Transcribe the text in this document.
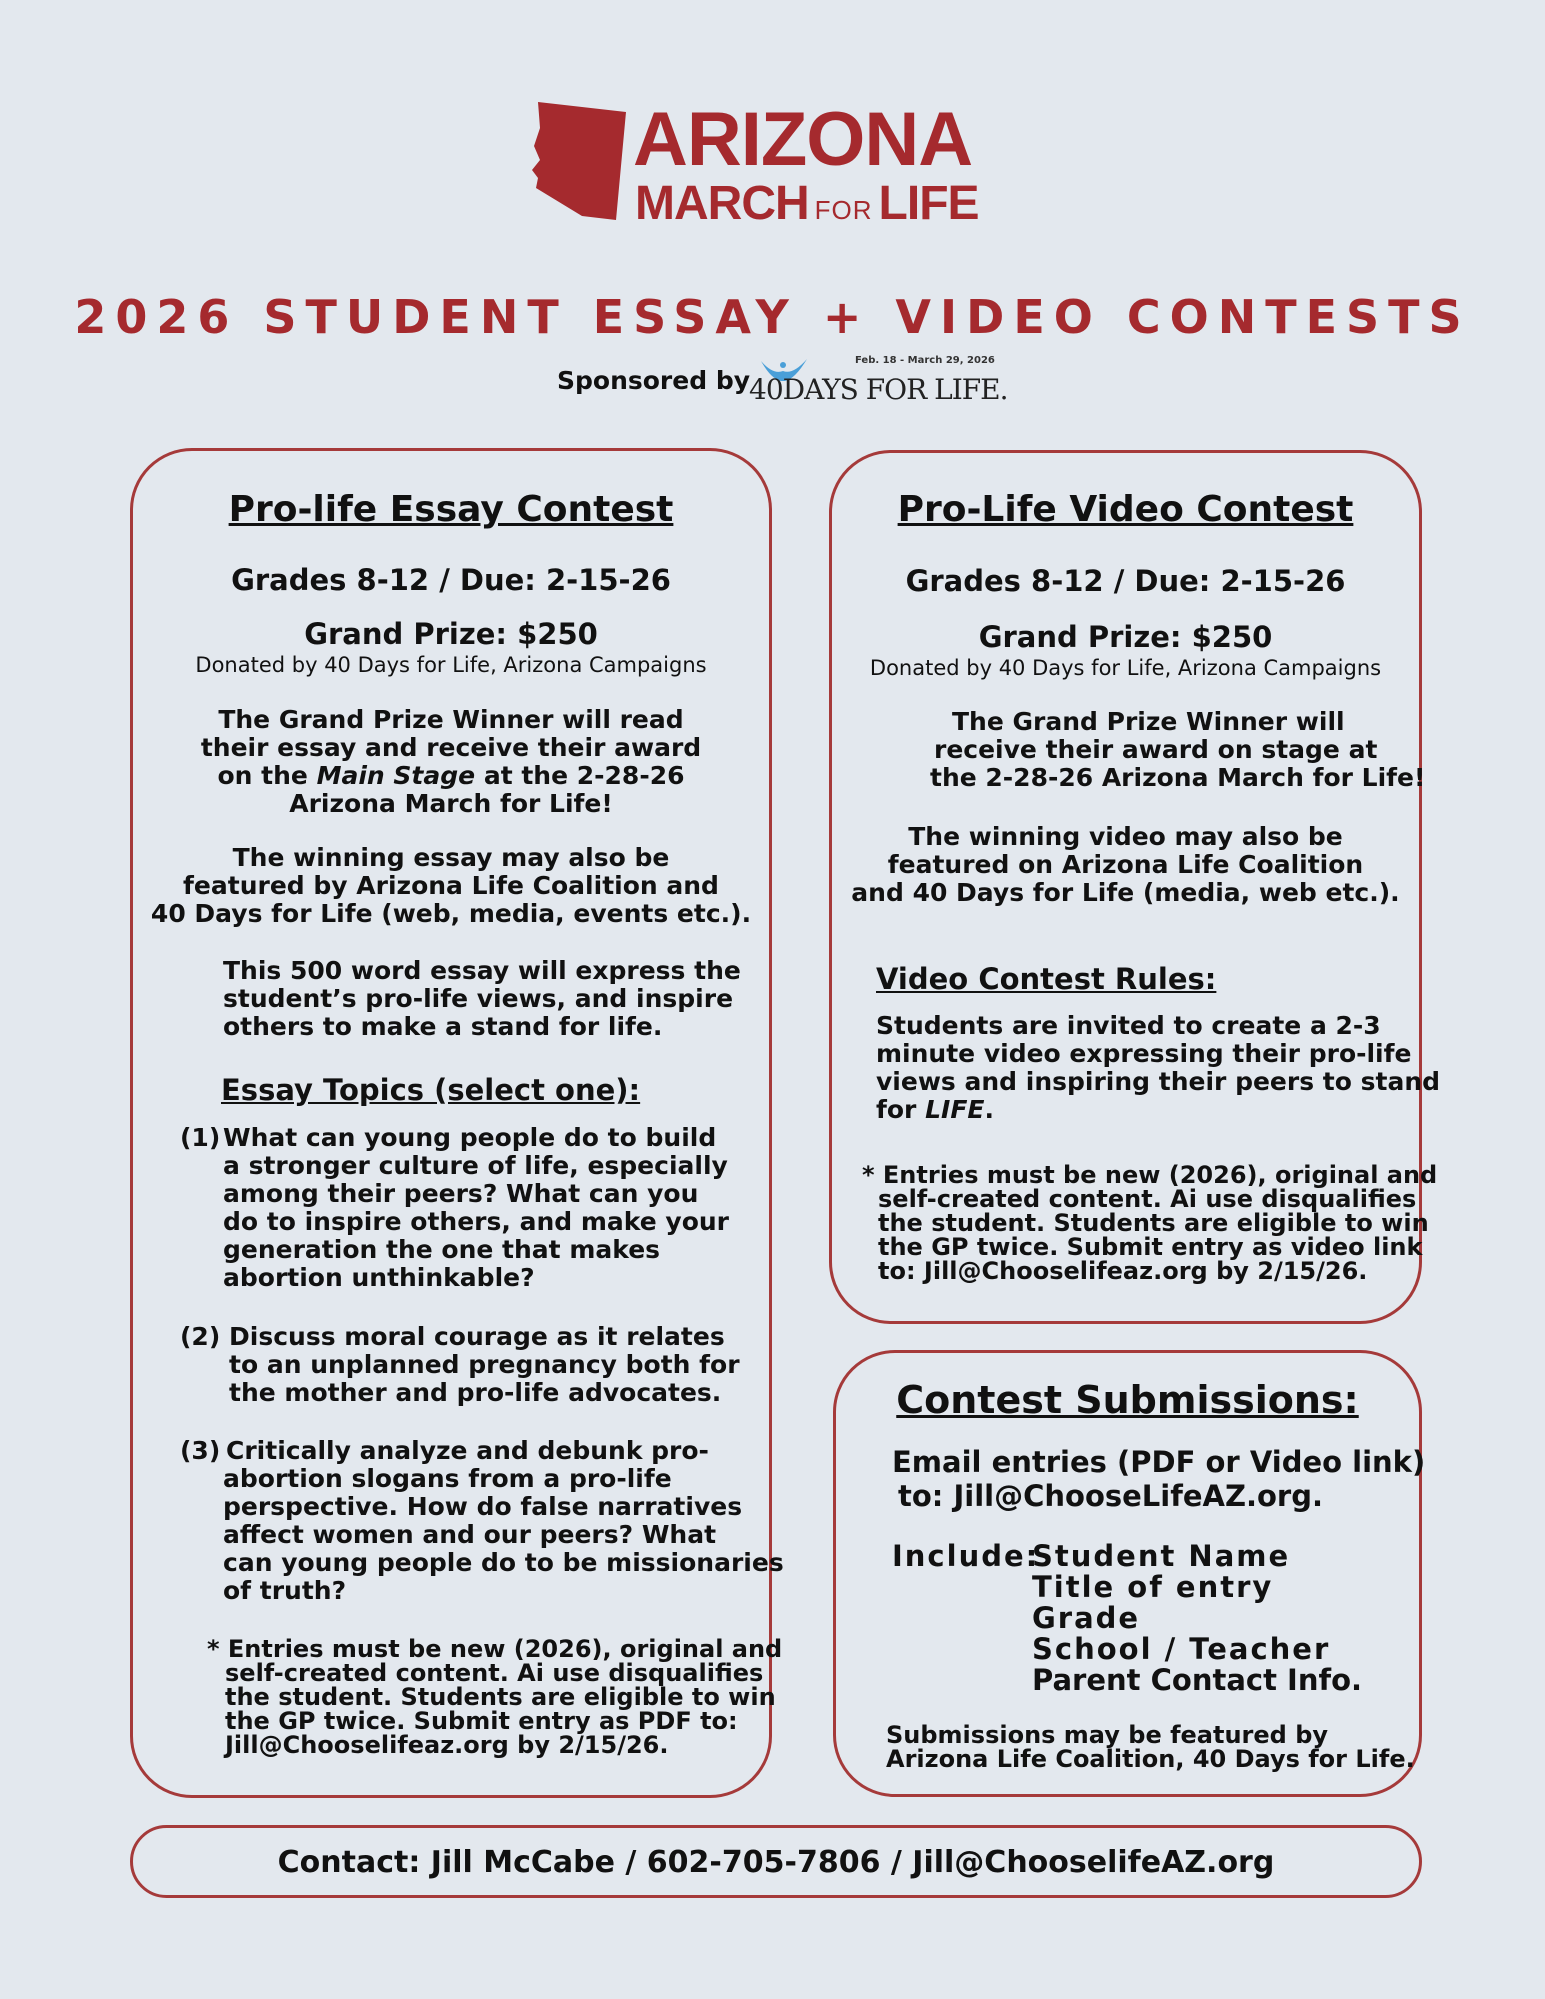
ARIZONA
MARCH FOR LIFE
2026 STUDENT ESSAY + VIDEO CONTESTS
Sponsored by
Feb. 18 - March 29, 2026
40DAYS FOR LIFE.
Pro-life Essay Contest
Grades 8-12 / Due: 2-15-26
Grand Prize: $250
Donated by 40 Days for Life, Arizona Campaigns
The Grand Prize Winner will read
their essay and receive their award
on the Main Stage at the 2-28-26
Arizona March for Life!
The winning essay may also be
featured by Arizona Life Coalition and
40 Days for Life (web, media, events etc.).
This 500 word essay will express the
student’s pro-life views, and inspire
others to make a stand for life.
Essay Topics (select one):
(1) What can young people do to build
a stronger culture of life, especially
among their peers? What can you
do to inspire others, and make your
generation the one that makes
abortion unthinkable?
(2) Discuss moral courage as it relates
to an unplanned pregnancy both for
the mother and pro-life advocates.
(3) Critically analyze and debunk pro-
abortion slogans from a pro-life
perspective. How do false narratives
affect women and our peers? What
can young people do to be missionaries
of truth?
* Entries must be new (2026), original and
self-created content. Ai use disqualifies
the student. Students are eligible to win
the GP twice. Submit entry as PDF to:
Jill@Chooselifeaz.org by 2/15/26.
Pro-Life Video Contest
Grades 8-12 / Due: 2-15-26
Grand Prize: $250
Donated by 40 Days for Life, Arizona Campaigns
The Grand Prize Winner will
receive their award on stage at
the 2-28-26 Arizona March for Life!
The winning video may also be
featured on Arizona Life Coalition
and 40 Days for Life (media, web etc.).
Video Contest Rules:
Students are invited to create a 2-3
minute video expressing their pro-life
views and inspiring their peers to stand
for LIFE.
* Entries must be new (2026), original and
self-created content. Ai use disqualifies
the student. Students are eligible to win
the GP twice. Submit entry as video link
to: Jill@Chooselifeaz.org by 2/15/26.
Contest Submissions:
Email entries (PDF or Video link)
to: Jill@ChooseLifeAZ.org.
Include:
Student Name
Title of entry
Grade
School / Teacher
Parent Contact Info.
Submissions may be featured by
Arizona Life Coalition, 40 Days for Life.
Contact: Jill McCabe / 602-705-7806 / Jill@ChooselifeAZ.org
